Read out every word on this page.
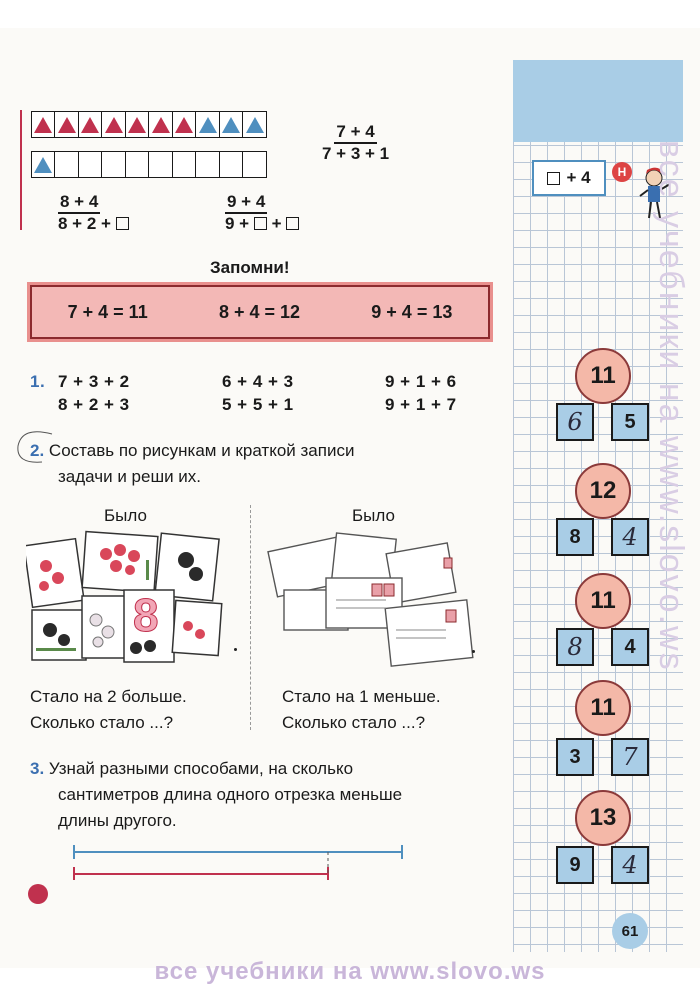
+ 4 Н
$\frac{7 + 4}{7 + 3 + 1}$
$\frac{8 + 4}{8 + 2 +}$	$\frac{9 + 4}{9 + +}$
Запомни!
7 + 4 = 11	8 + 4 = 12	9 + 4 = 13
1. 7 + 3 + 2	6 + 4 + 3	9 + 1 + 6
8 + 2 + 3	5 + 5 + 1	9 + 1 + 7
2. Составь по рисункам и краткой записи
задачи и реши их.
Было	Было
8
Стало на 2 больше.
Сколько стало ...?
Стало на 1 меньше.
Сколько стало ...?
3. Узнай разными способами, на сколько
сантиметров длина одного отрезка меньше
длины другого.
11
6 5
12
8 4
11
8 4
11
3 7
13
9 4
все учебники на www.slovo.ws
61
все учебники на www.slovo.ws
